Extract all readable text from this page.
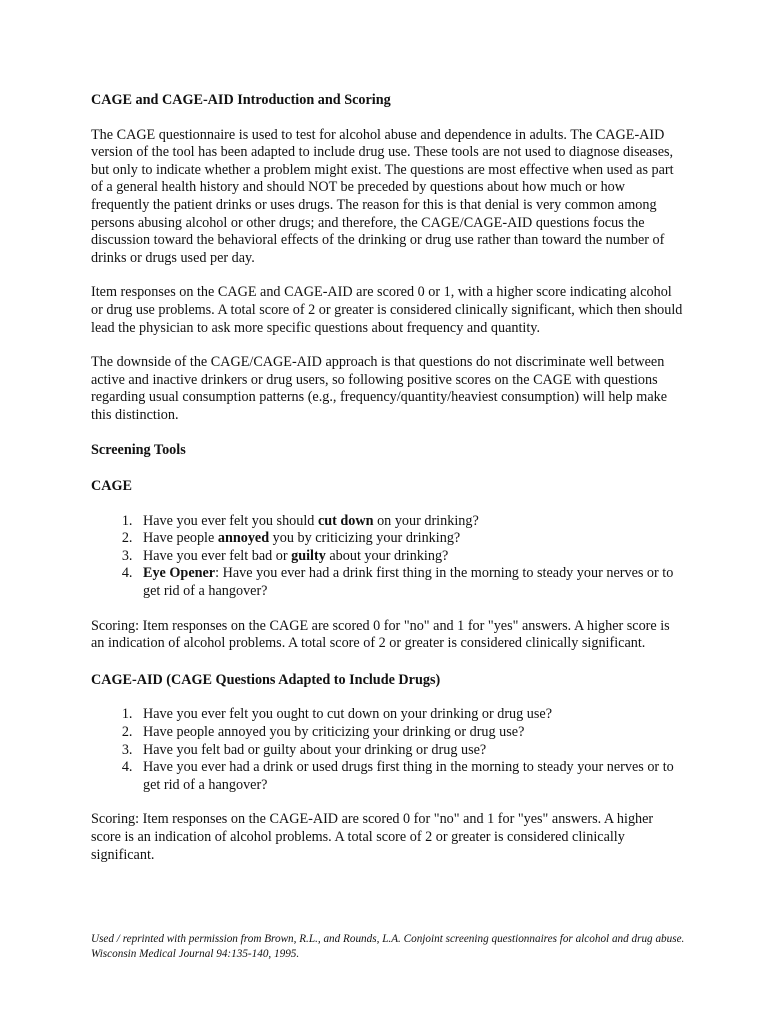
CAGE and CAGE-AID Introduction and Scoring

The CAGE questionnaire is used to test for alcohol abuse and dependence in adults. The CAGE-AID version of the tool has been adapted to include drug use. These tools are not used to diagnose diseases, but only to indicate whether a problem might exist. The questions are most effective when used as part of a general health history and should NOT be preceded by questions about how much or how frequently the patient drinks or uses drugs. The reason for this is that denial is very common among persons abusing alcohol or other drugs; and therefore, the CAGE/CAGE-AID questions focus the discussion toward the behavioral effects of the drinking or drug use rather than toward the number of drinks or drugs used per day.

Item responses on the CAGE and CAGE-AID are scored 0 or 1, with a higher score indicating alcohol or drug use problems. A total score of 2 or greater is considered clinically significant, which then should lead the physician to ask more specific questions about frequency and quantity.

The downside of the CAGE/CAGE-AID approach is that questions do not discriminate well between active and inactive drinkers or drug users, so following positive scores on the CAGE with questions regarding usual consumption patterns (e.g., frequency/quantity/heaviest consumption) will help make this distinction.

Screening Tools
CAGE
1. Have you ever felt you should cut down on your drinking?
2. Have people annoyed you by criticizing your drinking?
3. Have you ever felt bad or guilty about your drinking?
4. Eye Opener: Have you ever had a drink first thing in the morning to steady your nerves or to get rid of a hangover?

Scoring: Item responses on the CAGE are scored 0 for "no" and 1 for "yes" answers. A higher score is an indication of alcohol problems. A total score of 2 or greater is considered clinically significant.

CAGE-AID (CAGE Questions Adapted to Include Drugs)
1. Have you ever felt you ought to cut down on your drinking or drug use?
2. Have people annoyed you by criticizing your drinking or drug use?
3. Have you felt bad or guilty about your drinking or drug use?
4. Have you ever had a drink or used drugs first thing in the morning to steady your nerves or to get rid of a hangover?

Scoring: Item responses on the CAGE-AID are scored 0 for "no" and 1 for "yes" answers. A higher score is an indication of alcohol problems. A total score of 2 or greater is considered clinically significant.

Used / reprinted with permission from Brown, R.L., and Rounds, L.A. Conjoint screening questionnaires for alcohol and drug abuse.
Wisconsin Medical Journal 94:135-140, 1995.
